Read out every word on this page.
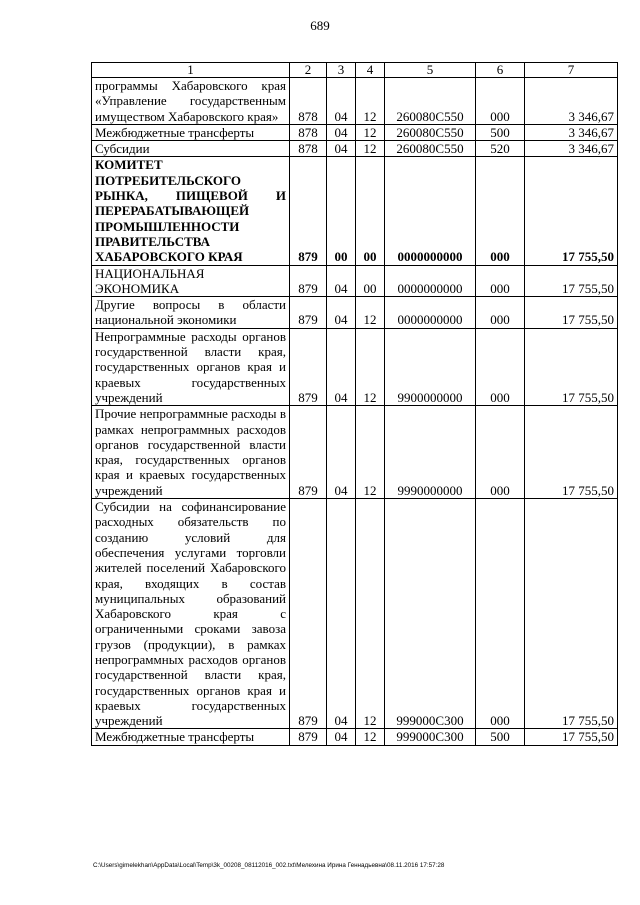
689
1	2	3	4	5	6	7
программы Хабаровского края «Управление государственным имуществом Хабаровского края»	878	04	12	260080C550	000	3 346,67
Межбюджетные трансферты	878	04	12	260080C550	500	3 346,67
Субсидии	878	04	12	260080C550	520	3 346,67
КОМИТЕТ ПОТРЕБИТЕЛЬСКОГО РЫНКА, ПИЩЕВОЙ И ПЕРЕРАБАТЫВАЮЩЕЙ ПРОМЫШЛЕННОСТИ ПРАВИТЕЛЬСТВА ХАБАРОВСКОГО КРАЯ	879	00	00	0000000000	000	17 755,50
НАЦИОНАЛЬНАЯ ЭКОНОМИКА	879	04	00	0000000000	000	17 755,50
Другие вопросы в области национальной экономики	879	04	12	0000000000	000	17 755,50
Непрограммные расходы органов государственной власти края, государственных органов края и краевых государственных учреждений	879	04	12	9900000000	000	17 755,50
Прочие непрограммные расходы в рамках непрограммных расходов органов государственной власти края, государственных органов края и краевых государственных учреждений	879	04	12	9990000000	000	17 755,50
Субсидии на софинансирование расходных обязательств по созданию условий для обеспечения услугами торговли жителей поселений Хабаровского края, входящих в состав муниципальных образований Хабаровского края с ограниченными сроками завоза грузов (продукции), в рамках непрограммных расходов органов государственной власти края, государственных органов края и краевых государственных учреждений	879	04	12	999000C300	000	17 755,50
Межбюджетные трансферты	879	04	12	999000C300	500	17 755,50
C:\Users\gimelekhan\AppData\Local\Temp\3k_00208_08112016_002.txt\Мелехина Ирина Геннадьевна\08.11.2016 17:57:28
